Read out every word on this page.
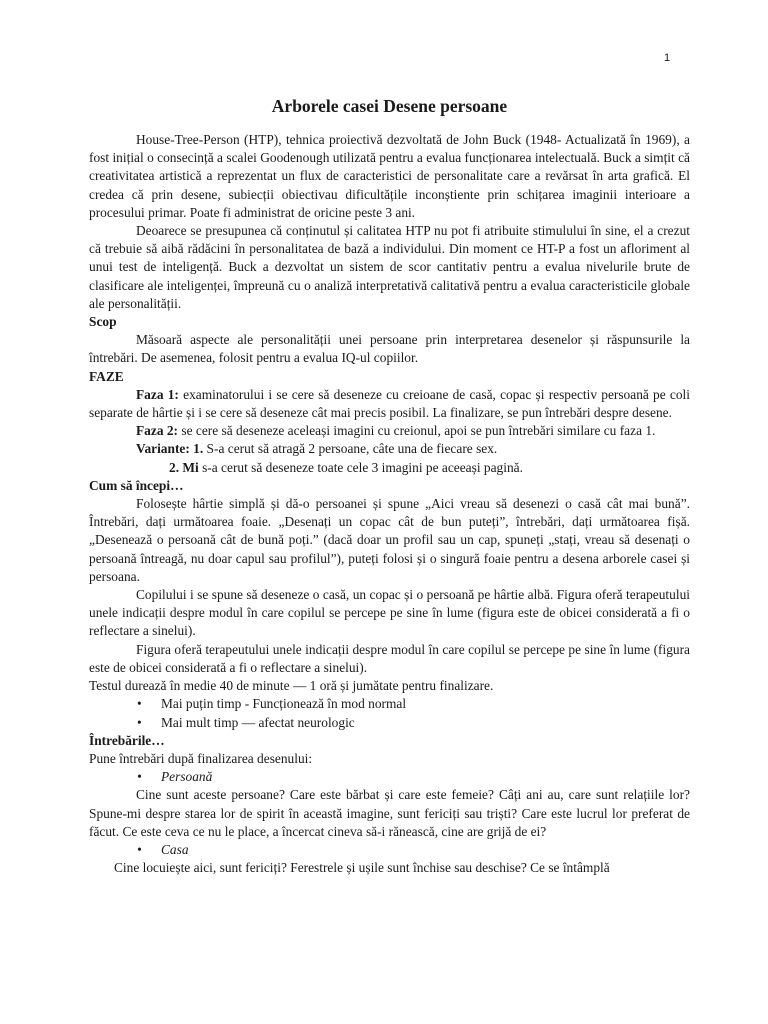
1
Arborele casei Desene persoane

House-Tree-Person (HTP), tehnica proiectivă dezvoltată de John Buck (1948- Actualizată în 1969), a fost inițial o consecință a scalei Goodenough utilizată pentru a evalua funcționarea intelectuală. Buck a simțit că creativitatea artistică a reprezentat un flux de caracteristici de personalitate care a revărsat în arta grafică. El credea că prin desene, subiecții obiectivau dificultățile inconștiente prin schițarea imaginii interioare a procesului primar. Poate fi administrat de oricine peste 3 ani.

Deoarece se presupunea că conținutul și calitatea HTP nu pot fi atribuite stimulului în sine, el a crezut că trebuie să aibă rădăcini în personalitatea de bază a individului. Din moment ce HT-P a fost un afloriment al unui test de inteligență. Buck a dezvoltat un sistem de scor cantitativ pentru a evalua nivelurile brute de clasificare ale inteligenței, împreună cu o analiză interpretativă calitativă pentru a evalua caracteristicile globale ale personalității.

Scop

Măsoară aspecte ale personalității unei persoane prin interpretarea desenelor și răspunsurile la întrebări. De asemenea, folosit pentru a evalua IQ-ul copiilor.

FAZE

Faza 1: examinatorului i se cere să deseneze cu creioane de casă, copac și respectiv persoană pe coli separate de hârtie și i se cere să deseneze cât mai precis posibil. La finalizare, se pun întrebări despre desene.

Faza 2: se cere să deseneze aceleași imagini cu creionul, apoi se pun întrebări similare cu faza 1.

Variante: 1. S-a cerut să atragă 2 persoane, câte una de fiecare sex.

2. Mi s-a cerut să deseneze toate cele 3 imagini pe aceeași pagină.

Cum să începi…

Folosește hârtie simplă și dă-o persoanei și spune „Aici vreau să desenezi o casă cât mai bună”. Întrebări, dați următoarea foaie. „Desenați un copac cât de bun puteți”, întrebări, dați următoarea fișă. „Desenează o persoană cât de bună poți.” (dacă doar un profil sau un cap, spuneți „stați, vreau să desenați o persoană întreagă, nu doar capul sau profilul”), puteți folosi și o singură foaie pentru a desena arborele casei și persoana.

Copilului i se spune să deseneze o casă, un copac și o persoană pe hârtie albă. Figura oferă terapeutului unele indicații despre modul în care copilul se percepe pe sine în lume (figura este de obicei considerată a fi o reflectare a sinelui).

Figura oferă terapeutului unele indicații despre modul în care copilul se percepe pe sine în lume (figura este de obicei considerată a fi o reflectare a sinelui).

Testul durează în medie 40 de minute — 1 oră și jumătate pentru finalizare.

• Mai puțin timp - Funcționează în mod normal
• Mai mult timp — afectat neurologic

Întrebările…

Pune întrebări după finalizarea desenului:

• Persoană

Cine sunt aceste persoane? Care este bărbat și care este femeie? Câți ani au, care sunt relațiile lor? Spune-mi despre starea lor de spirit în această imagine, sunt fericiți sau triști? Care este lucrul lor preferat de făcut. Ce este ceva ce nu le place, a încercat cineva să-i rănească, cine are grijă de ei?

• Casa

Cine locuiește aici, sunt fericiți? Ferestrele și ușile sunt închise sau deschise? Ce se întâmplă
